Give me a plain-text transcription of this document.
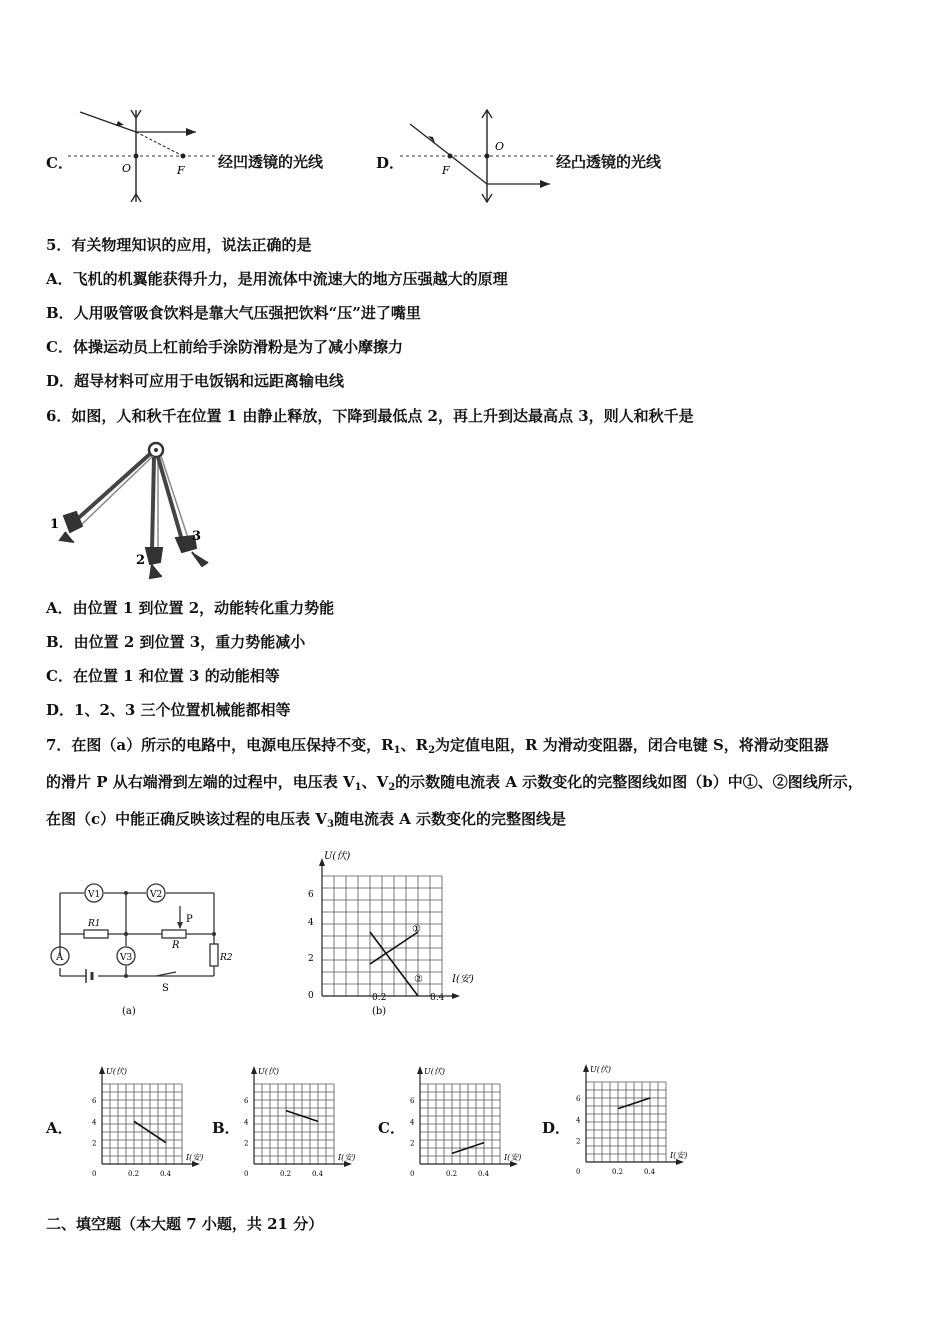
C．	O	F 经凹透镜的光线	D．
O
F	经凸透镜的光线
5．有关物理知识的应用，说法正确的是
A．飞机的机翼能获得升力，是用流体中流速大的地方压强越大的原理
B．人用吸管吸食饮料是靠大气压强把饮料“压”进了嘴里
C．体操运动员上杠前给手涂防滑粉是为了减小摩擦力
D．超导材料可应用于电饭锅和远距离输电线
6．如图，人和秋千在位置 1 由静止释放，下降到最低点 2，再上升到达最高点 3，则人和秋千是
1
2
3
A．由位置 1 到位置 2，动能转化重力势能
B．由位置 2 到位置 3，重力势能减小
C．在位置 1 和位置 3 的动能相等
D．1、2、3 三个位置机械能都相等
7．在图（a）所示的电路中，电源电压保持不变，$R_1$、$R_2$为定值电阻，R 为滑动变阻器，闭合电键 S，将滑动变阻器
的滑片 P 从右端滑到左端的过程中，电压表 $V_1$、$V_2$的示数随电流表 A 示数变化的完整图线如图（b）中①、②图线所示，
在图（c）中能正确反映该过程的电压表 $V_3$随电流表 A 示数变化的完整图线是
V1	V2
V3
A
R1
R
R2
P
S
(a)
U(伏)
I(安)
0
2
4
6
0.2	0.4
①
②
(b)
A．	B．	C．	D．
2
4
6
0.2	0.4
0
U(伏)
I(安)
2
4
6
0.2	0.4
0
U(伏)
I(安)
2
4
6
0.2	0.4
0
U(伏)
I(安)
2
4
6
0.2	0.4
0
U(伏)
I(安)
二、填空题（本大题 7 小题，共 21 分）
